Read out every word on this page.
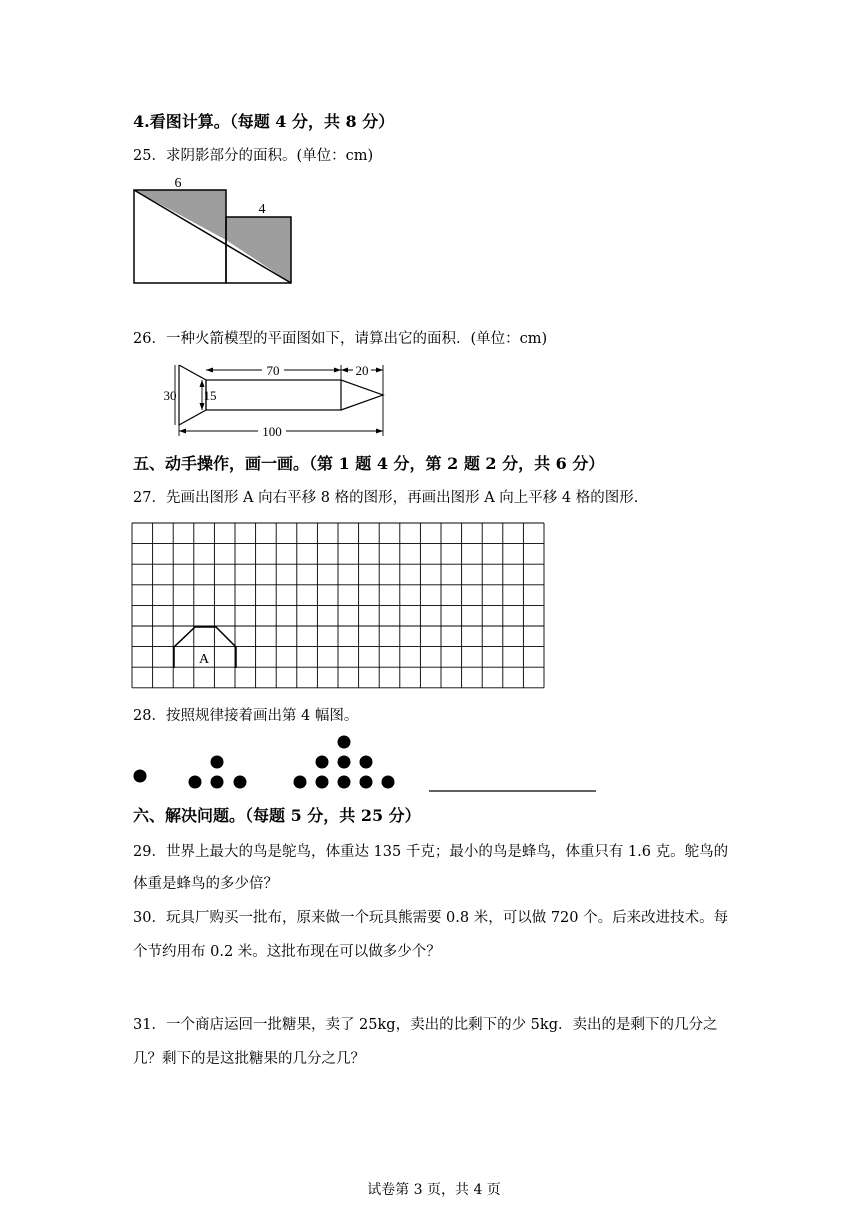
4.看图计算。（每题 4 分，共 8 分）
25．求阴影部分的面积。(单位：cm)
6
4
26．一种火箭模型的平面图如下，请算出它的面积．(单位：cm)
70	20
30 15
100
五、动手操作，画一画。（第 1 题 4 分，第 2 题 2 分，共 6 分）
27．先画出图形 A 向右平移 8 格的图形，再画出图形 A 向上平移 4 格的图形.
A
28．按照规律接着画出第 4 幅图。
六、解决问题。（每题 5 分，共 25 分）
29．世界上最大的鸟是鸵鸟，体重达 135 千克；最小的鸟是蜂鸟，体重只有 1.6 克。鸵鸟的
体重是蜂鸟的多少倍？
30．玩具厂购买一批布，原来做一个玩具熊需要 0.8 米，可以做 720 个。后来改进技术。每
个节约用布 0.2 米。这批布现在可以做多少个？
31．一个商店运回一批糖果，卖了 25kg，卖出的比剩下的少 5kg．卖出的是剩下的几分之
几？剩下的是这批糖果的几分之几？
试卷第 3 页，共 4 页
